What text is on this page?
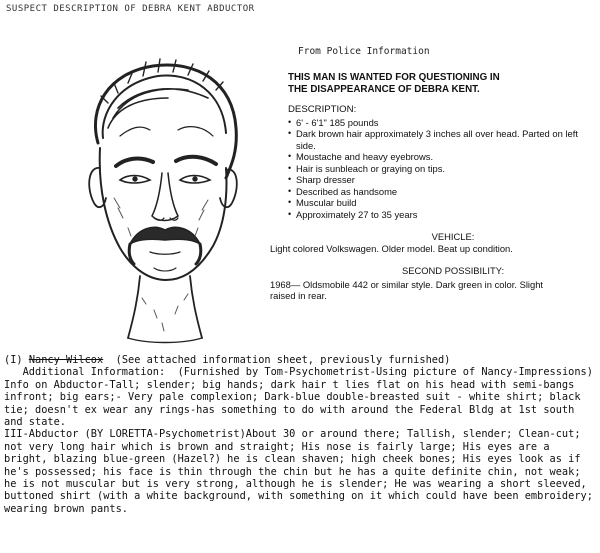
SUSPECT DESCRIPTION OF DEBRA KENT ABDUCTOR
From Police Information

THIS MAN IS WANTED FOR QUESTIONING IN

THE DISAPPEARANCE OF DEBRA KENT.

DESCRIPTION:

• 6' - 6'1" 185 pounds
• Dark brown hair approximately 3 inches all over head. Parted on left side.
• Moustache and heavy eyebrows.
• Hair is sunbleach or graying on tips.
• Sharp dresser
• Described as handsome
• Muscular build
• Approximately 27 to 35 years

VEHICLE:

Light colored Volkswagen. Older model. Beat up condition.

SECOND POSSIBILITY:

1968— Oldsmobile 442 or similar style. Dark green in color. Slight raised in rear.

(I) Nancy Wilcox  (See attached information sheet, previously furnished)

Additional Information:  (Furnished by Tom-Psychometrist-Using picture of Nancy-Impressions) Info on Abductor-Tall; slender; big hands; dark hair t lies flat on his head with semi-bangs infront; big ears;- Very pale complexion; Dark-blue double-breasted suit - white shirt; black tie; doesn't ex wear any rings-has something to do with around the Federal Bldg at 1st south and state.

III-Abductor (BY LORETTA-Psychometrist)About 30 or around there; Tallish, slender; Clean-cut; not very long hair which is brown and straight; His nose is fairly large; His eyes are a bright, blazing blue-green (Hazel?) he is clean shaven; high cheek bones; His eyes look as if he's possessed; his face is thin through the chin but he has a quite definite chin, not weak; he is not muscular but is very strong, although he is slender; He was wearing a short sleeved, buttoned shirt (with a white background, with something on it which could have been embroidery; wearing brown pants.
